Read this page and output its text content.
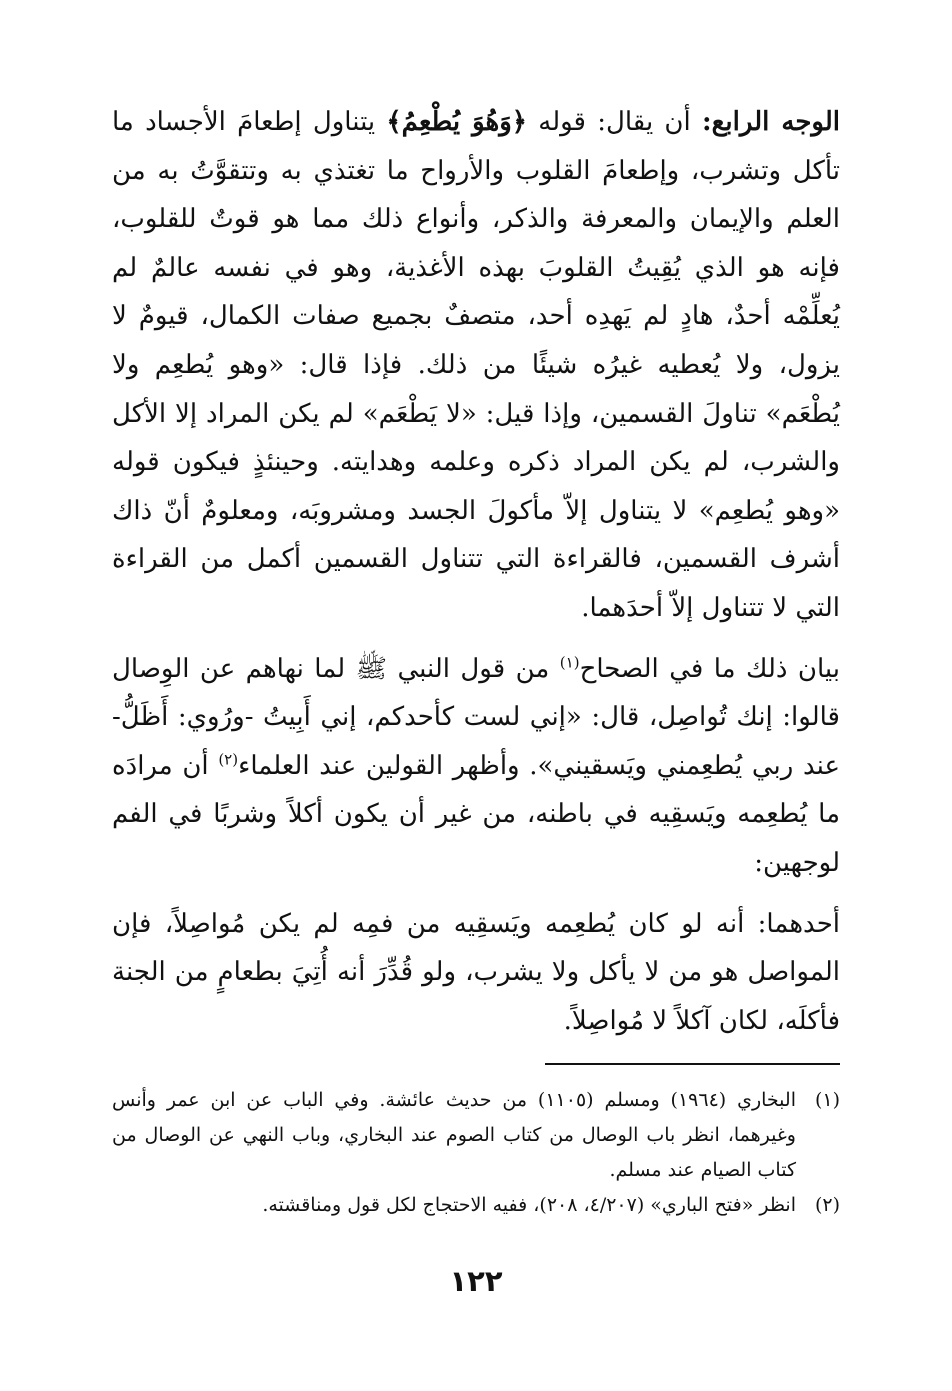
الوجه الرابع: أن يقال: قوله ﴿وَهُوَ يُطْعِمُ﴾ يتناول إطعامَ الأجساد ما تأكل وتشرب، وإطعامَ القلوب والأرواح ما تغتذي به وتتقوَّتُ به من العلم والإيمان والمعرفة والذكر، وأنواع ذلك مما هو قوتٌ للقلوب، فإنه هو الذي يُقِيتُ القلوبَ بهذه الأغذية، وهو في نفسه عالمٌ لم يُعلِّمْه أحدٌ، هادٍ لم يَهدِه أحد، متصفٌ بجميع صفات الكمال، قيومٌ لا يزول، ولا يُعطيه غيرُه شيئًا من ذلك. فإذا قال: «وهو يُطعِم ولا يُطْعَم» تناولَ القسمين، وإذا قيل: «لا يَطْعَم» لم يكن المراد إلا الأكل والشرب، لم يكن المراد ذكره وعلمه وهدايته. وحينئذٍ فيكون قوله «وهو يُطعِم» لا يتناول إلاّ مأكولَ الجسد ومشروبَه، ومعلومٌ أنّ ذاك أشرف القسمين، فالقراءة التي تتناول القسمين أكمل من القراءة التي لا تتناول إلاّ أحدَهما.

بيان ذلك ما في الصحاح$^{(١)}$ من قول النبي ﷺ لما نهاهم عن الوِصال قالوا: إنك تُواصِل، قال: «إني لست كأحدكم، إني أَبِيتُ -ورُوي: أَظَلُّ- عند ربي يُطعِمني ويَسقيني». وأظهر القولين عند العلماء$^{(٢)}$ أن مرادَه ما يُطعِمه ويَسقِيه في باطنه، من غير أن يكون أكلاً وشربًا في الفم لوجهين:

أحدهما: أنه لو كان يُطعِمه ويَسقِيه من فمِه لم يكن مُواصِلاً، فإن المواصل هو من لا يأكل ولا يشرب، ولو قُدِّرَ أنه أُتِيَ بطعامٍ من الجنة فأكلَه، لكان آكلاً لا مُواصِلاً.

(١)
البخاري (١٩٦٤) ومسلم (١١٠٥) من حديث عائشة. وفي الباب عن ابن عمر وأنس وغيرهما، انظر باب الوصال من كتاب الصوم عند البخاري، وباب النهي عن الوصال من كتاب الصيام عند مسلم.
(٢)
انظر «فتح الباري» (٤/٢٠٧، ٢٠٨)، ففيه الاحتجاج لكل قول ومناقشته.
١٢٢
